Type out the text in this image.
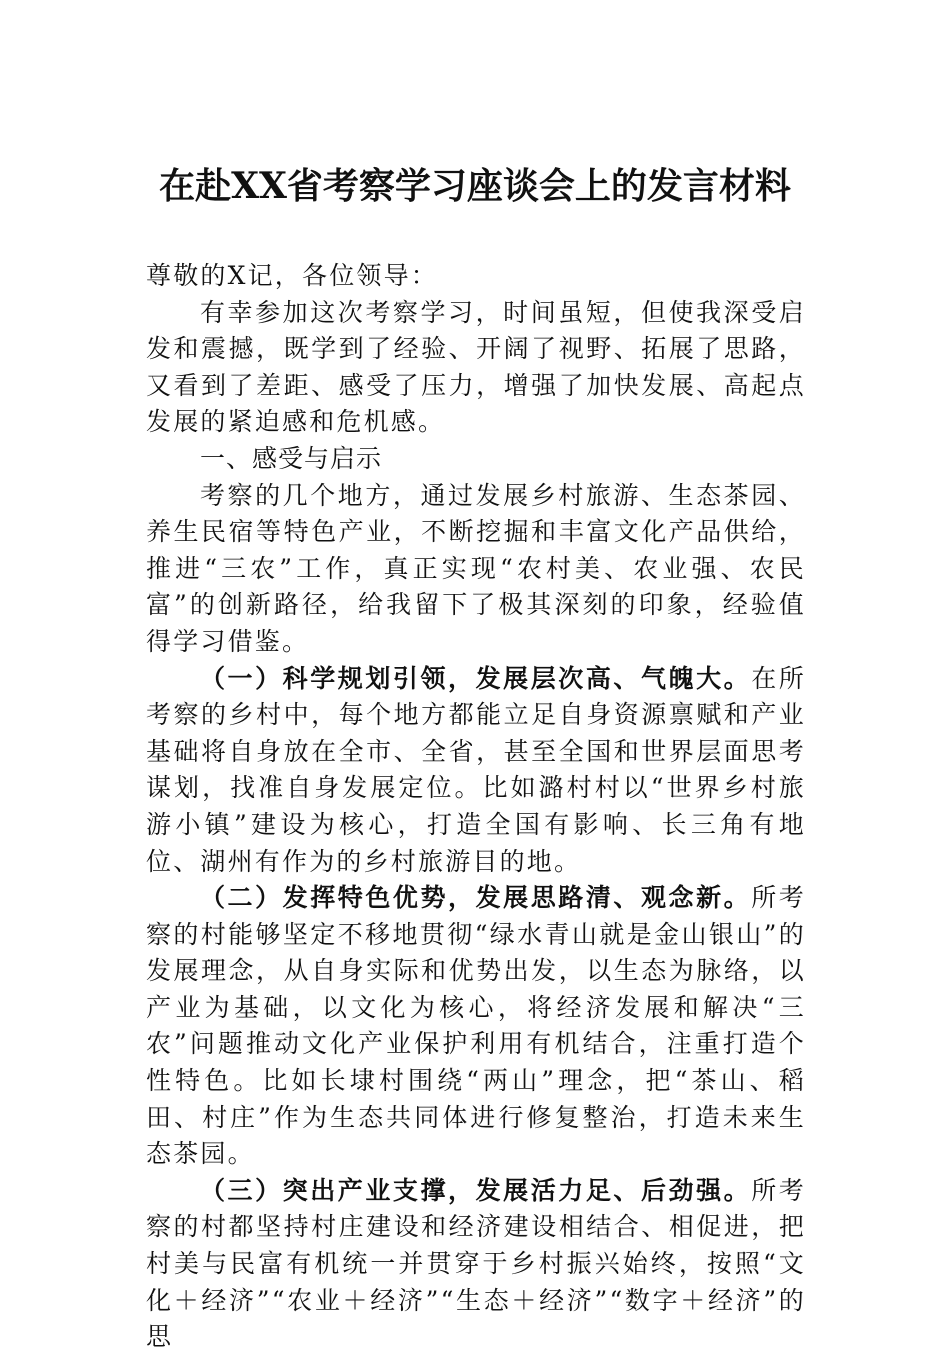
在赴XX省考察学习座谈会上的发言材料

尊敬的X记，各位领导：

有幸参加这次考察学习，时间虽短，但使我深受启发和震撼，既学到了经验、开阔了视野、拓展了思路，又看到了差距、感受了压力，增强了加快发展、高起点发展的紧迫感和危机感。

一、感受与启示

考察的几个地方，通过发展乡村旅游、生态茶园、养生民宿等特色产业，不断挖掘和丰富文化产品供给，推进“三农”工作，真正实现“农村美、农业强、农民富”的创新路径，给我留下了极其深刻的印象，经验值得学习借鉴。

（一）科学规划引领，发展层次高、气魄大。在所考察的乡村中，每个地方都能立足自身资源禀赋和产业基础将自身放在全市、全省，甚至全国和世界层面思考谋划，找准自身发展定位。比如潞村村以“世界乡村旅游小镇”建设为核心，打造全国有影响、长三角有地位、湖州有作为的乡村旅游目的地。

（二）发挥特色优势，发展思路清、观念新。所考察的村能够坚定不移地贯彻“绿水青山就是金山银山”的发展理念，从自身实际和优势出发，以生态为脉络，以产业为基础，以文化为核心，将经济发展和解决“三农”问题推动文化产业保护利用有机结合，注重打造个性特色。比如长埭村围绕“两山”理念，把“茶山、稻田、村庄”作为生态共同体进行修复整治，打造未来生态茶园。

（三）突出产业支撑，发展活力足、后劲强。所考察的村都坚持村庄建设和经济建设相结合、相促进，把村美与民富有机统一并贯穿于乡村振兴始终，按照“文化＋经济”“农业＋经济”“生态＋经济”“数字＋经济”的思
